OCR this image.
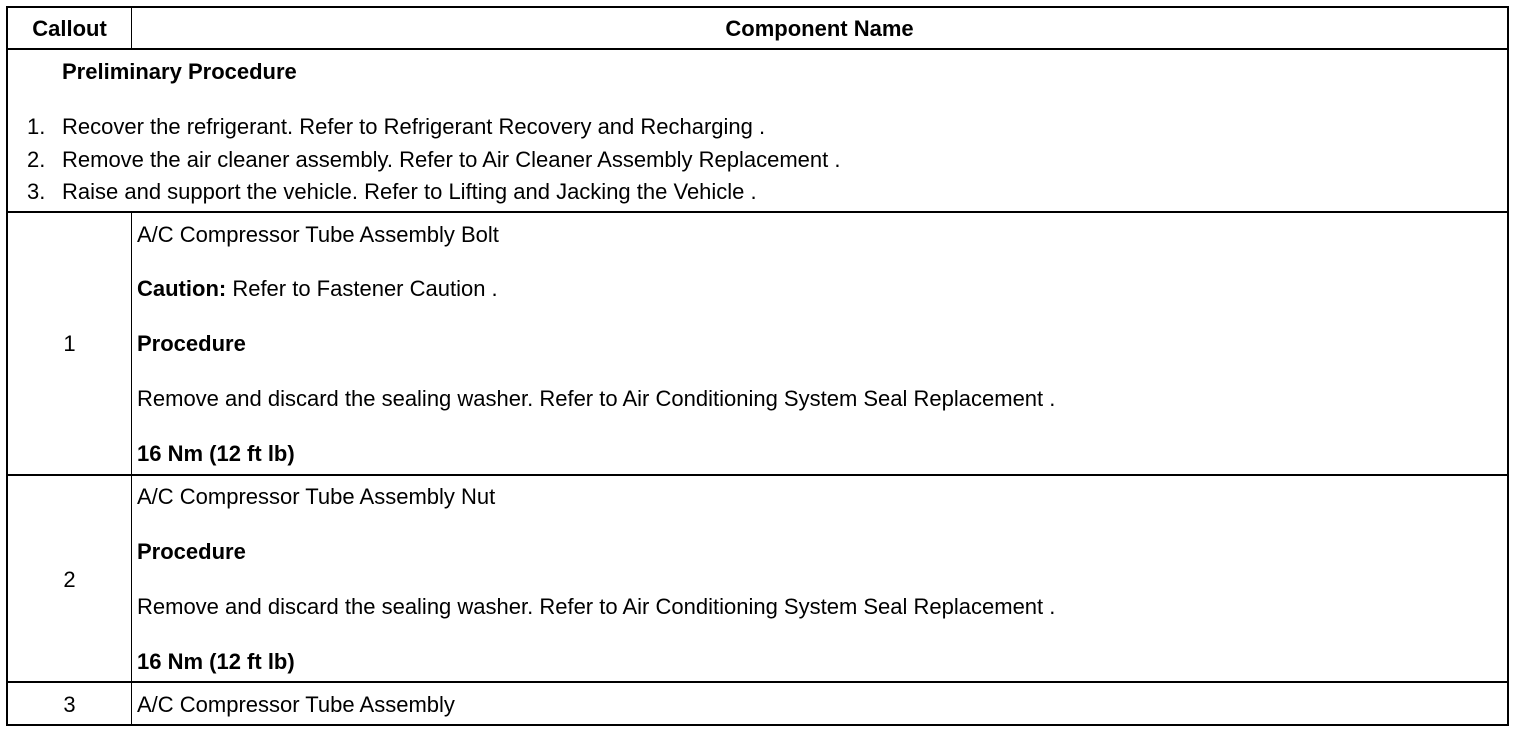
Callout	Component Name
Preliminary Procedure
1. Recover the refrigerant. Refer to Refrigerant Recovery and Recharging .
2. Remove the air cleaner assembly. Refer to Air Cleaner Assembly Replacement .
3. Raise and support the vehicle. Refer to Lifting and Jacking the Vehicle .
1
A/C Compressor Tube Assembly Bolt
Caution: Refer to Fastener Caution .
Procedure
Remove and discard the sealing washer. Refer to Air Conditioning System Seal Replacement .
16 Nm (12 ft lb)
2
A/C Compressor Tube Assembly Nut
Procedure
Remove and discard the sealing washer. Refer to Air Conditioning System Seal Replacement .
16 Nm (12 ft lb)
3	A/C Compressor Tube Assembly
